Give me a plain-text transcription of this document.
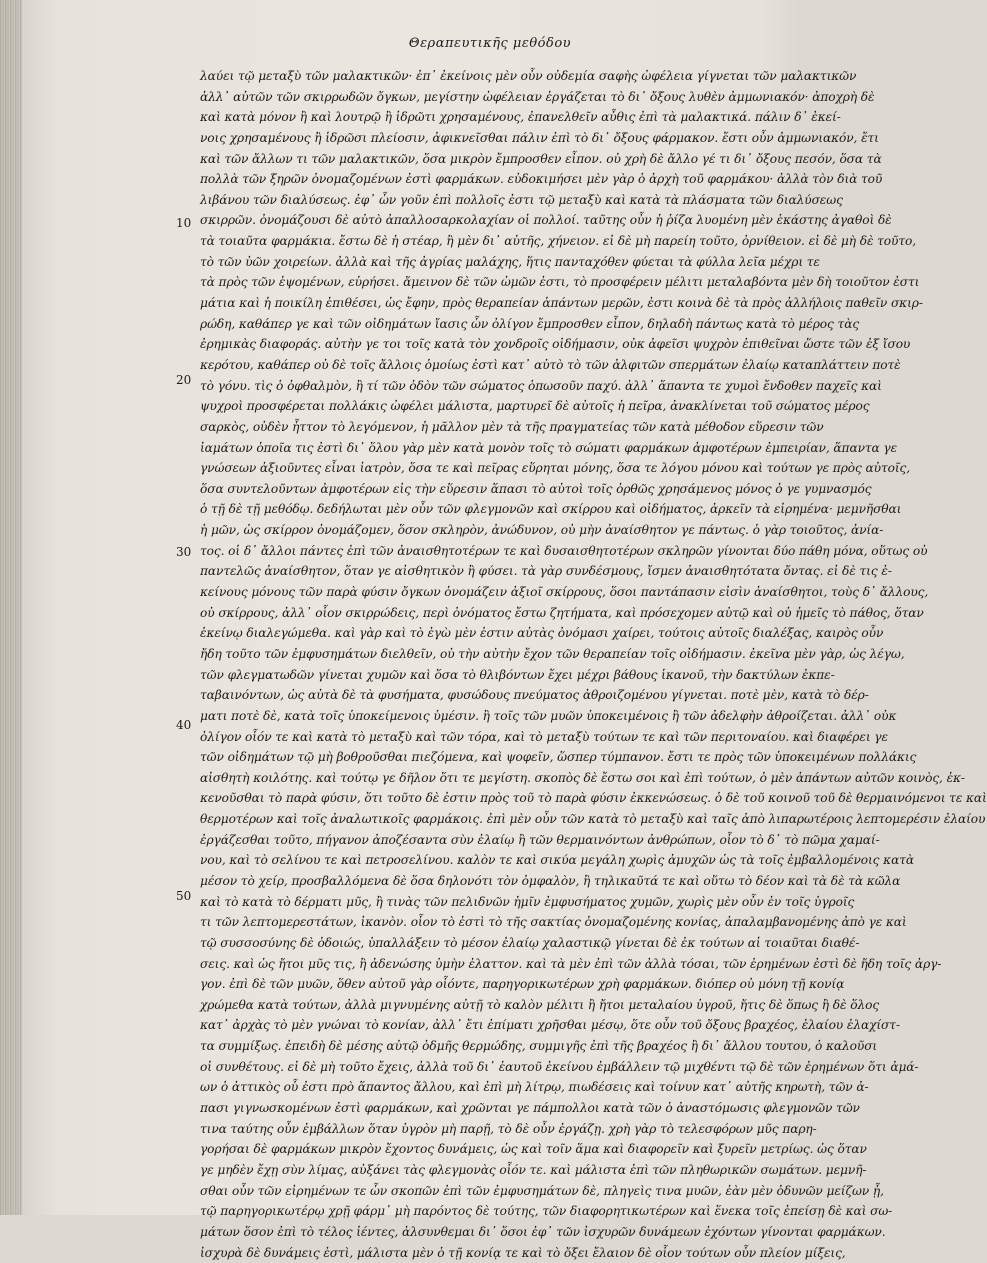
Θεραπευτικῆς μεθόδου
10
20
30
40
50
λαύει τῷ μεταξὺ τῶν μαλακτικῶν· ἐπ᾽ ἐκείνοις μὲν οὖν οὐδεμία σαφὴς ὠφέλεια γίγνεται τῶν μαλακτικῶν
ἀλλ᾽ αὐτῶν τῶν σκιρρωδῶν ὄγκων, μεγίστην ὠφέλειαν ἐργάζεται τὸ δι᾽ ὄξους λυθὲν ἀμμωνιακόν· ἀποχρὴ δὲ
καὶ κατὰ μόνον ἢ καὶ λουτρῷ ἢ ἱδρῶτι χρησαμένους, ἐπανελθεῖν αὖθις ἐπὶ τὰ μαλακτικά. πάλιν δ᾽ ἐκεί-
νοις χρησαμένους ἢ ἱδρῶσι πλείοσιν, ἀφικνεῖσθαι πάλιν ἐπὶ τὸ δι᾽ ὄξους φάρμακον. ἔστι οὖν ἀμμωνιακόν, ἔτι
καὶ τῶν ἄλλων τι τῶν μαλακτικῶν, ὅσα μικρὸν ἔμπροσθεν εἶπον. οὐ χρὴ δὲ ἄλλο γέ τι δι᾽ ὄξους πεσόν, ὅσα τὰ
πολλὰ τῶν ξηρῶν ὀνομαζομένων ἐστὶ φαρμάκων. εὐδοκιμήσει μὲν γὰρ ὁ ἀρχὴ τοῦ φαρμάκου· ἀλλὰ τὸν διὰ τοῦ
λιβάνου τῶν διαλύσεως. ἐφ᾽ ὧν γοῦν ἐπὶ πολλοῖς ἐστι τῷ μεταξὺ καὶ κατὰ τὰ πλάσματα τῶν διαλύσεως
σκιρρῶν. ὀνομάζουσι δὲ αὐτὸ ἀπαλλοσαρκολαχίαν οἱ πολλοί. ταῦτης οὖν ἡ ῥίζα λυομένη μὲν ἑκάστης ἀγαθοὶ δὲ
τὰ τοιαῦτα φαρμάκια. ἔστω δὲ ἡ στέαρ, ἢ μὲν δι᾽ αὐτῆς, χήνειον. εἰ δὲ μὴ παρείη τοῦτο, ὀρνίθειον. εἰ δὲ μὴ δὲ τοῦτο,
τὸ τῶν ὑῶν χοιρείων. ἀλλὰ καὶ τῆς ἀγρίας μαλάχης, ἥτις πανταχόθεν φύεται τὰ φύλλα λεῖα μέχρι τε
τὰ πρὸς τῶν ἑψομένων, εὑρήσει. ἄμεινον δὲ τῶν ὠμῶν ἐστι, τὸ προσφέρειν μέλιτι μεταλαβόντα μὲν δὴ τοιοῦτον ἐστι
μάτια καὶ ἡ ποικίλη ἐπιθέσει, ὡς ἔφην, πρὸς θεραπείαν ἁπάντων μερῶν, ἐστι κοινὰ δὲ τὰ πρὸς ἀλλήλοις παθεῖν σκιρ-
ρώδη, καθάπερ γε καὶ τῶν οἰδημάτων ἴασις ὧν ὀλίγον ἔμπροσθεν εἶπον, δηλαδὴ πάντως κατὰ τὸ μέρος τὰς
ἐρημικὰς διαφοράς. αὐτὴν γε τοι τοῖς κατὰ τὸν χονδροῖς οἰδήμασιν, οὐκ ἀφεῖσι ψυχρὸν ἐπιθεῖναι ὥστε τῶν ἐξ ἴσου
κερότου, καθάπερ οὐ δὲ τοῖς ἄλλοις ὁμοίως ἐστὶ κατ᾽ αὐτὸ τὸ τῶν ἀλφιτῶν σπερμάτων ἐλαίῳ καταπλάττειν ποτὲ
τὸ γόνυ. τὶς ὁ ὀφθαλμὸν, ἢ τί τῶν ὁδὸν τῶν σώματος ὁπωσοῦν παχύ. ἀλλ᾽ ἅπαντα τε χυμοὶ ἔνδοθεν παχεῖς καὶ
ψυχροὶ προσφέρεται πολλάκις ὠφέλει μάλιστα, μαρτυρεῖ δὲ αὐτοῖς ἡ πεῖρα, ἀνακλίνεται τοῦ σώματος μέρος
σαρκὸς, οὐδὲν ἧττον τὸ λεγόμενον, ἡ μᾶλλον μὲν τὰ τῆς πραγματείας τῶν κατὰ μέθοδον εὕρεσιν τῶν
ἰαμάτων ὁποῖα τις ἐστὶ δι᾽ ὅλου γὰρ μὲν κατὰ μονὸν τοῖς τὸ σώματι φαρμάκων ἀμφοτέρων ἐμπειρίαν, ἅπαντα γε
γνώσεων ἀξιοῦντες εἶναι ἰατρὸν, ὅσα τε καὶ πεῖρας εὕρηται μόνης, ὅσα τε λόγου μόνου καὶ τούτων γε πρὸς αὐτοῖς,
ὅσα συντελοῦντων ἀμφοτέρων εἰς τὴν εὕρεσιν ἅπασι τὸ αὐτοὶ τοῖς ὀρθῶς χρησάμενος μόνος ὁ γε γυμνασμός
ὁ τῇ δὲ τῇ μεθόδῳ. δεδήλωται μὲν οὖν τῶν φλεγμονῶν καὶ σκίρρου καὶ οἰδήματος, ἀρκεῖν τὰ εἰρημένα· μεμνῆσθαι
ἡ μῶν, ὡς σκίρρον ὀνομάζομεν, ὅσον σκληρὸν, ἀνώδυνον, οὐ μὴν ἀναίσθητον γε πάντως. ὁ γὰρ τοιοῦτος, ἀνία-
τος. οἱ δ᾽ ἄλλοι πάντες ἐπὶ τῶν ἀναισθητοτέρων τε καὶ δυσαισθητοτέρων σκληρῶν γίνονται δύο πάθη μόνα, οὕτως οὐ
παντελῶς ἀναίσθητον, ὅταν γε αἰσθητικὸν ἢ φύσει. τὰ γὰρ συνδέσμους, ἴσμεν ἀναισθητότατα ὄντας. εἰ δὲ τις ἐ-
κείνους μόνους τῶν παρὰ φύσιν ὄγκων ὀνομάζειν ἀξιοῖ σκίρρους, ὅσοι παντάπασιν εἰσὶν ἀναίσθητοι, τοὺς δ᾽ ἄλλους,
οὐ σκίρρους, ἀλλ᾽ οἷον σκιρρώδεις, περὶ ὀνόματος ἔστω ζητήματα, καὶ πρόσεχομεν αὐτῷ καὶ οὐ ἡμεῖς τὸ πάθος, ὅταν
ἐκείνῳ διαλεγώμεθα. καὶ γὰρ καὶ τὸ ἐγὼ μὲν ἐστιν αὐτὰς ὀνόμασι χαίρει, τούτοις αὐτοῖς διαλέξας, καιρὸς οὖν
ἤδη τοῦτο τῶν ἐμφυσημάτων διελθεῖν, οὐ τὴν αὐτὴν ἔχον τῶν θεραπείαν τοῖς οἰδήμασιν. ἐκεῖνα μὲν γὰρ, ὡς λέγω,
τῶν φλεγματωδῶν γίνεται χυμῶν καὶ ὅσα τὸ θλιβόντων ἔχει μέχρι βάθους ἱκανοῦ, τὴν δακτύλων ἐκπε-
ταβαινόντων, ὡς αὐτὰ δὲ τὰ φυσήματα, φυσώδους πνεύματος ἀθροιζομένου γίγνεται. ποτὲ μὲν, κατὰ τὸ δέρ-
ματι ποτὲ δὲ, κατὰ τοῖς ὑποκείμενοις ὑμέσιν. ἢ τοῖς τῶν μυῶν ὑποκειμένοις ἢ τῶν ἀδελφὴν ἀθροίζεται. ἀλλ᾽ οὐκ
ὀλίγον οἷόν τε καὶ κατὰ τὸ μεταξὺ καὶ τῶν τόρα, καὶ τὸ μεταξὺ τούτων τε καὶ τῶν περιτοναίου. καὶ διαφέρει γε
τῶν οἰδημάτων τῷ μὴ βοθροῦσθαι πιεζόμενα, καὶ ψοφεῖν, ὥσπερ τύμπανον. ἔστι τε πρὸς τῶν ὑποκειμένων πολλάκις
αἰσθητὴ κοιλότης. καὶ τούτῳ γε δῆλον ὅτι τε μεγίστη. σκοπὸς δὲ ἔστω σοι καὶ ἐπὶ τούτων, ὁ μὲν ἁπάντων αὐτῶν κοινὸς, ἐκ-
κενοῦσθαι τὸ παρὰ φύσιν, ὅτι τοῦτο δὲ ἐστιν πρὸς τοῦ τὸ παρὰ φύσιν ἐκκενώσεως. ὁ δὲ τοῦ κοινοῦ τοῦ δὲ θερμαινόμενοι τε καὶ
θερμοτέρων καὶ τοῖς ἀναλωτικοῖς φαρμάκοις. ἐπὶ μὲν οὖν τῶν κατὰ τὸ μεταξὺ καὶ ταῖς ἀπὸ λιπαρωτέροις λεπτομερέσιν ἐλαίου
ἐργάζεσθαι τοῦτο, πήγανον ἀποζέσαντα σὺν ἐλαίῳ ἢ τῶν θερμαινόντων ἀνθρώπων, οἷον τὸ δ᾽ τὸ πῶμα χαμαί-
νου, καὶ τὸ σελίνου τε καὶ πετροσελίνου. καλὸν τε καὶ σικύα μεγάλη χωρὶς ἀμυχῶν ὡς τὰ τοῖς ἐμβαλλομένοις κατὰ
μέσον τὸ χείρ, προσβαλλόμενα δὲ ὅσα δηλονότι τὸν ὀμφαλὸν, ἢ τηλικαῦτά τε καὶ οὕτω τὸ δέον καὶ τὰ δὲ τὰ κῶλα
καὶ τὸ κατὰ τὸ δέρματι μῦς, ἢ τινὰς τῶν πελιδνῶν ἡμῖν ἐμφυσήματος χυμῶν, χωρὶς μὲν οὖν ἐν τοῖς ὑγροῖς
τι τῶν λεπτομερεστάτων, ἱκανὸν. οἷον τὸ ἐστὶ τὸ τῆς σακτίας ὀνομαζομένης κονίας, ἀπαλαμβανομένης ἀπὸ γε καὶ
τῷ συσσοσύνης δὲ ὀδοιώς, ὑπαλλάξειν τὸ μέσον ἐλαίῳ χαλαστικῷ γίνεται δὲ ἐκ τούτων αἱ τοιαῦται διαθέ-
σεις. καὶ ὡς ἤτοι μῦς τις, ἢ ἀδενώσης ὑμὴν ἐλαττον. καὶ τὰ μὲν ἐπὶ τῶν ἀλλὰ τόσαι, τῶν ἐρημένων ἐστὶ δὲ ἤδη τοῖς ἀργ-
γον. ἐπὶ δὲ τῶν μυῶν, ὅθεν αὐτοῦ γὰρ οἷόντε, παρηγορικωτέρων χρὴ φαρμάκων. διόπερ οὐ μόνη τῇ κονίᾳ
χρώμεθα κατὰ τούτων, ἀλλὰ μιγνυμένης αὐτῇ τὸ καλὸν μέλιτι ἢ ἤτοι μεταλαίου ὑγροῦ, ἤτις δὲ ὅπως ἢ δὲ ὅλος
κατ᾽ ἀρχὰς τὸ μὲν γνώναι τὸ κονίαν, ἀλλ᾽ ἔτι ἐπίματι χρῆσθαι μέσῳ, ὅτε οὖν τοῦ ὄξους βραχέος, ἐλαίου ἐλαχίστ-
τα συμμίξως. ἐπειδὴ δὲ μέσης αὐτῷ ὀδμῆς θερμώδης, συμμιγῆς ἐπὶ τῆς βραχέος ἢ δι᾽ ἄλλου τουτου, ὁ καλοῦσι
οἱ συνθέτους. εἰ δὲ μὴ τοῦτο ἔχεις, ἀλλὰ τοῦ δι᾽ ἑαυτοῦ ἐκείνου ἐμβάλλειν τῷ μιχθέντι τῷ δὲ τῶν ἐρημένων ὅτι ἀμά-
ων ὁ ἀττικὸς οὗ ἐστι πρὸ ἅπαντος ἄλλου, καὶ ἐπὶ μὴ λίτρῳ, πιωδέσεις καὶ τοίνυν κατ᾽ αὐτῆς κηρωτὴ, τῶν ἀ-
πασι γιγνωσκομένων ἐστὶ φαρμάκων, καὶ χρῶνται γε πάμπολλοι κατὰ τῶν ὁ ἀναστόμωσις φλεγμονῶν τῶν
τινα ταύτης οὖν ἐμβάλλων ὅταν ὑγρὸν μὴ παρῇ, τὸ δὲ οὖν ἐργάζῃ. χρὴ γὰρ τὸ τελεσφόρων μῦς παρη-
γορήσαι δὲ φαρμάκων μικρὸν ἔχοντος δυνάμεις, ὡς καὶ τοῖν ἅμα καὶ διαφορεῖν καὶ ξυρεῖν μετρίως. ὡς ὅταν
γε μηδὲν ἔχῃ σὺν λίμας, αὐξάνει τὰς φλεγμονὰς οἷόν τε. καὶ μάλιστα ἐπὶ τῶν πληθωρικῶν σωμάτων. μεμνῆ-
σθαι οὖν τῶν εἰρημένων τε ὧν σκοπῶν ἐπὶ τῶν ἐμφυσημάτων δὲ, πληγεὶς τινα μυῶν, ἐὰν μὲν ὀδυνῶν μείζων ᾖ,
τῷ παρηγορικωτέρῳ χρῇ φάρμ᾽ μὴ παρόντος δὲ τούτης, τῶν διαφορητικωτέρων καὶ ἕνεκα τοῖς ἐπείσῃ δὲ καὶ σω-
μάτων ὅσον ἐπὶ τὸ τέλος ἰέντες, ἀλσυνθεμαι δι᾽ ὅσοι ἐφ᾽ τῶν ἰσχυρῶν δυνάμεων ἐχόντων γίνονται φαρμάκων.
ἰσχυρὰ δὲ δυνάμεις ἐστὶ, μάλιστα μὲν ὁ τῇ κονίᾳ τε καὶ τὸ ὄξει ἔλαιον δὲ οἷον τούτων οὖν πλείον μίξεις,
